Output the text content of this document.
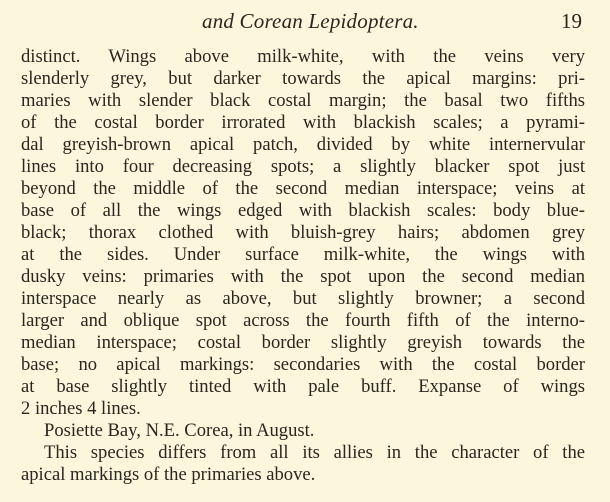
and Corean Lepidoptera.	19
distinct. Wings above milk-white, with the veins very
slenderly grey, but darker towards the apical margins: pri-
maries with slender black costal margin; the basal two fifths
of the costal border irrorated with blackish scales; a pyrami-
dal greyish-brown apical patch, divided by white internervular
lines into four decreasing spots; a slightly blacker spot just
beyond the middle of the second median interspace; veins at
base of all the wings edged with blackish scales: body blue-
black; thorax clothed with bluish-grey hairs; abdomen grey
at the sides. Under surface milk-white, the wings with
dusky veins: primaries with the spot upon the second median
interspace nearly as above, but slightly browner; a second
larger and oblique spot across the fourth fifth of the interno-
median interspace; costal border slightly greyish towards the
base; no apical markings: secondaries with the costal border
at base slightly tinted with pale buff. Expanse of wings
2 inches 4 lines.
Posiette Bay, N.E. Corea, in August.
This species differs from all its allies in the character of the
apical markings of the primaries above.
